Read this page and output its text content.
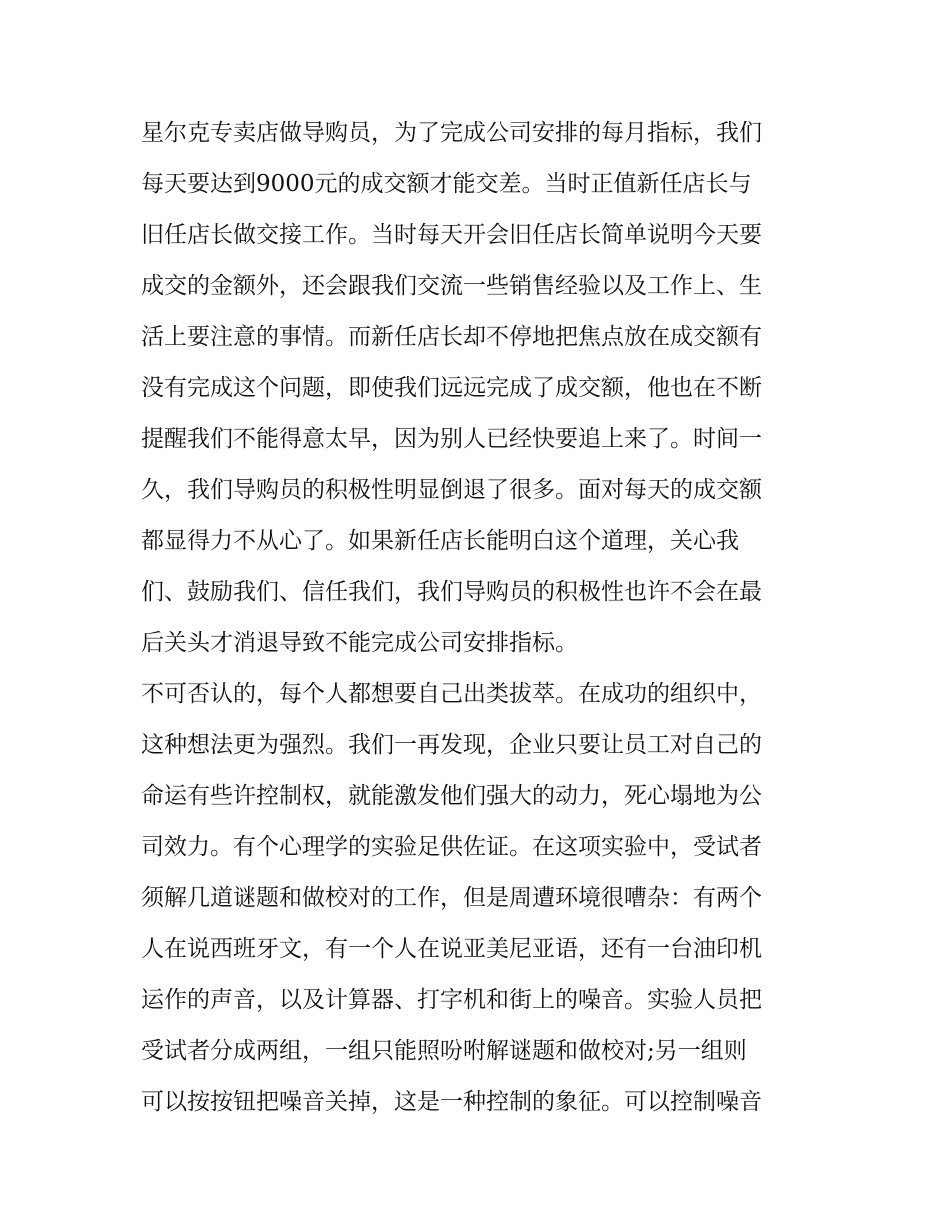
星尔克专卖店做导购员，为了完成公司安排的每月指标，我们
每天要达到9000元的成交额才能交差。当时正值新任店长与
旧任店长做交接工作。当时每天开会旧任店长简单说明今天要
成交的金额外，还会跟我们交流一些销售经验以及工作上、生
活上要注意的事情。而新任店长却不停地把焦点放在成交额有
没有完成这个问题，即使我们远远完成了成交额，他也在不断
提醒我们不能得意太早，因为别人已经快要追上来了。时间一
久，我们导购员的积极性明显倒退了很多。面对每天的成交额
都显得力不从心了。如果新任店长能明白这个道理，关心我
们、鼓励我们、信任我们，我们导购员的积极性也许不会在最
后关头才消退导致不能完成公司安排指标。
不可否认的，每个人都想要自己出类拔萃。在成功的组织中，
这种想法更为强烈。我们一再发现，企业只要让员工对自己的
命运有些许控制权，就能激发他们强大的动力，死心塌地为公
司效力。有个心理学的实验足供佐证。在这项实验中，受试者
须解几道谜题和做校对的工作，但是周遭环境很嘈杂：有两个
人在说西班牙文，有一个人在说亚美尼亚语，还有一台油印机
运作的声音，以及计算器、打字机和街上的噪音。实验人员把
受试者分成两组，一组只能照吩咐解谜题和做校对;另一组则
可以按按钮把噪音关掉，这是一种控制的象征。可以控制噪音
